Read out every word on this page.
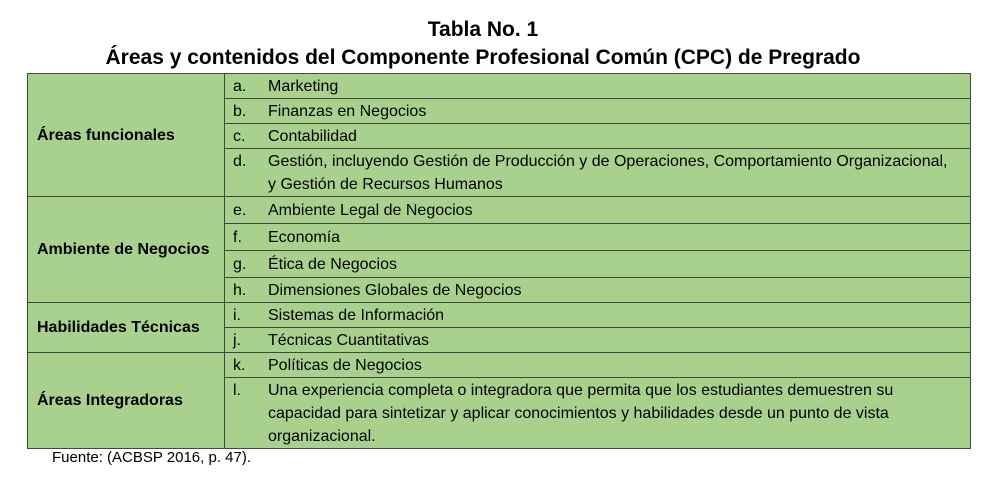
Tabla No. 1
Áreas y contenidos del Componente Profesional Común (CPC) de Pregrado
Áreas funcionales	a. Marketing

	b. Finanzas en Negocios

	c. Contabilidad

	d. Gestión, incluyendo Gestión de Producción y de Operaciones, Comportamiento Organizacional, y Gestión de Recursos Humanos

Ambiente de Negocios	e. Ambiente Legal de Negocios

	f. Economía

	g. Ética de Negocios

	h. Dimensiones Globales de Negocios

Habilidades Técnicas	i. Sistemas de Información

	j. Técnicas Cuantitativas

Áreas Integradoras	k. Políticas de Negocios

	l. Una experiencia completa o integradora que permita que los estudiantes demuestren su capacidad para sintetizar y aplicar conocimientos y habilidades desde un punto de vista organizacional.
Fuente: (ACBSP 2016, p. 47).
